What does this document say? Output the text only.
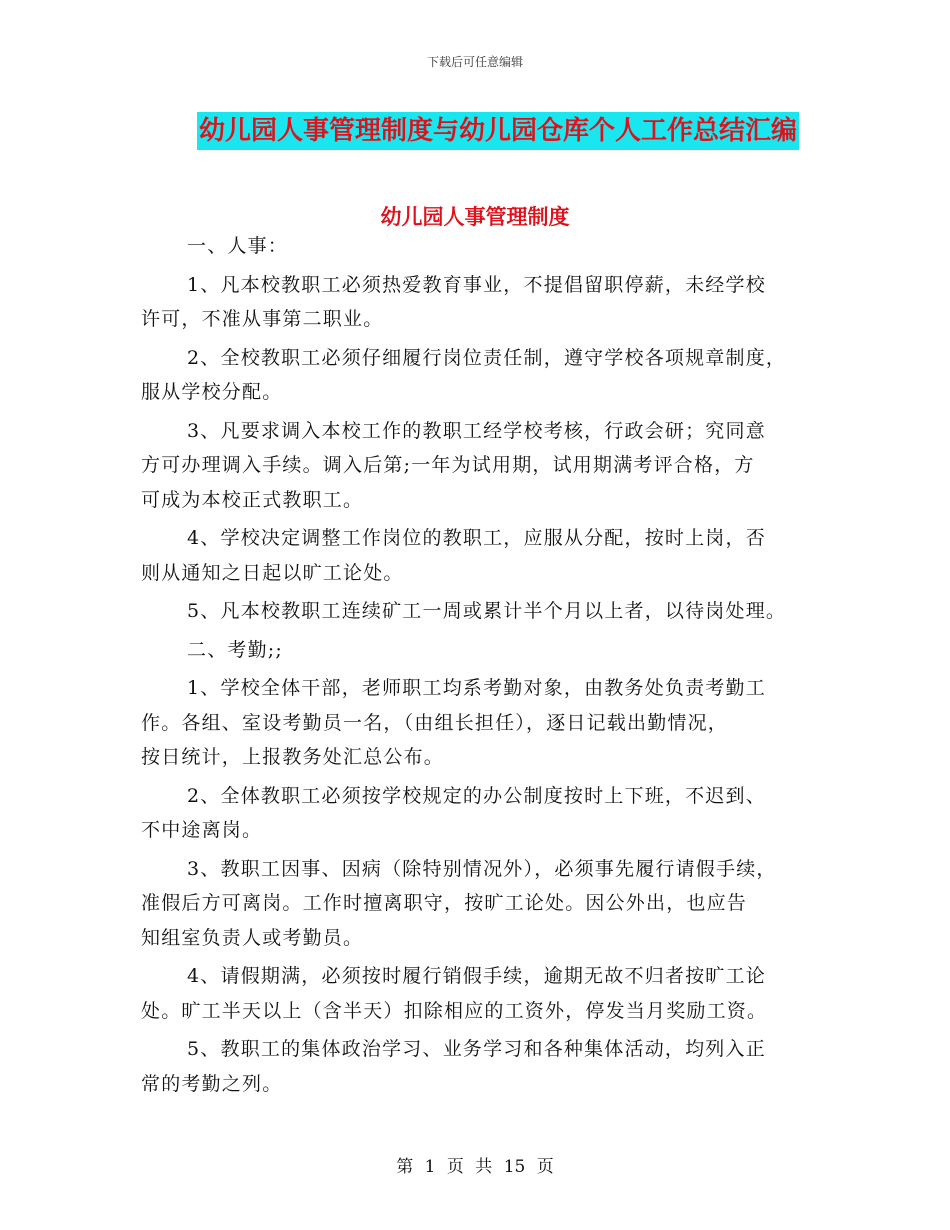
下载后可任意编辑
幼儿园人事管理制度与幼儿园仓库个人工作总结汇编
幼儿园人事管理制度
一、人事：
1、凡本校教职工必须热爱教育事业，不提倡留职停薪，未经学校
许可，不准从事第二职业。
2、全校教职工必须仔细履行岗位责任制，遵守学校各项规章制度，
服从学校分配。
3、凡要求调入本校工作的教职工经学校考核，行政会研；究同意
方可办理调入手续。调入后第;一年为试用期，试用期满考评合格，方
可成为本校正式教职工。
4、学校决定调整工作岗位的教职工，应服从分配，按时上岗，否
则从通知之日起以旷工论处。
5、凡本校教职工连续矿工一周或累计半个月以上者，以待岗处理。
二、考勤;;
1、学校全体干部，老师职工均系考勤对象，由教务处负责考勤工
作。各组、室设考勤员一名，（由组长担任），逐日记载出勤情况，
按日统计，上报教务处汇总公布。
2、全体教职工必须按学校规定的办公制度按时上下班，不迟到、
不中途离岗。
3、教职工因事、因病（除特别情况外），必须事先履行请假手续，
准假后方可离岗。工作时擅离职守，按旷工论处。因公外出，也应告
知组室负责人或考勤员。
4、请假期满，必须按时履行销假手续，逾期无故不归者按旷工论
处。旷工半天以上（含半天）扣除相应的工资外，停发当月奖励工资。
5、教职工的集体政治学习、业务学习和各种集体活动，均列入正
常的考勤之列。
第 1 页 共 15 页
